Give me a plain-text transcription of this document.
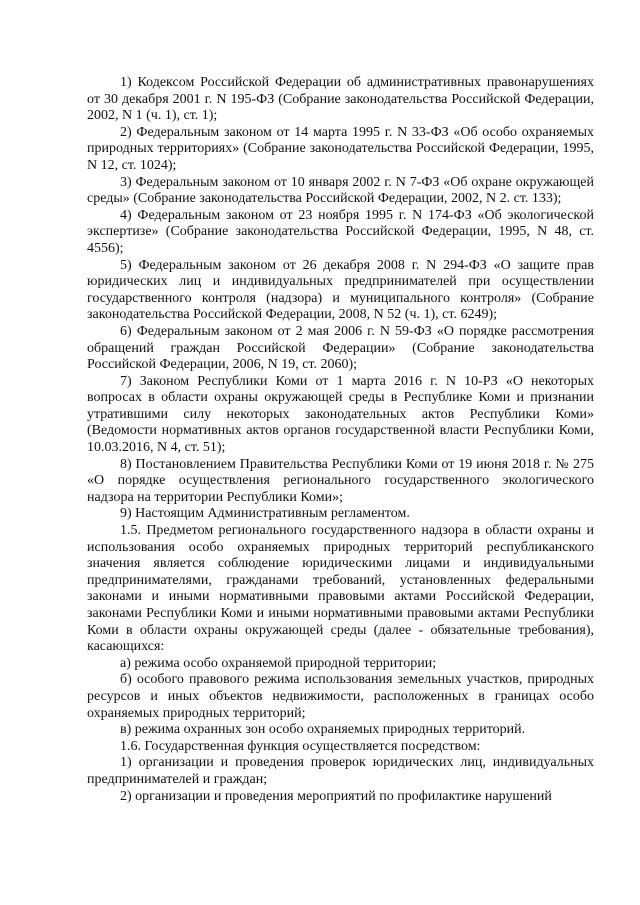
1) Кодексом Российской Федерации об административных правонарушениях от 30 декабря 2001 г. N 195-ФЗ (Собрание законодательства Российской Федерации, 2002, N 1 (ч. 1), ст. 1);

2) Федеральным законом от 14 марта 1995 г. N 33-ФЗ «Об особо охраняемых природных территориях» (Собрание законодательства Российской Федерации, 1995, N 12, ст. 1024);

3) Федеральным законом от 10 января 2002 г. N 7-ФЗ «Об охране окружающей среды» (Собрание законодательства Российской Федерации, 2002, N 2. ст. 133);

4) Федеральным законом от 23 ноября 1995 г. N 174-ФЗ «Об экологической экспертизе» (Собрание законодательства Российской Федерации, 1995, N 48, ст. 4556);

5) Федеральным законом от 26 декабря 2008 г. N 294-ФЗ «О защите прав юридических лиц и индивидуальных предпринимателей при осуществлении государственного контроля (надзора) и муниципального контроля» (Собрание законодательства Российской Федерации, 2008, N 52 (ч. 1), ст. 6249);

6) Федеральным законом от 2 мая 2006 г. N 59-ФЗ «О порядке рассмотрения обращений граждан Российской Федерации» (Собрание законодательства Российской Федерации, 2006, N 19, ст. 2060);

7) Законом Республики Коми от 1 марта 2016 г. N 10-РЗ «О некоторых вопросах в области охраны окружающей среды в Республике Коми и признании утратившими силу некоторых законодательных актов Республики Коми» (Ведомости нормативных актов органов государственной власти Республики Коми, 10.03.2016, N 4, ст. 51);

8) Постановлением Правительства Республики Коми от 19 июня 2018 г. № 275 «О порядке осуществления регионального государственного экологического надзора на территории Республики Коми»;

9) Настоящим Административным регламентом.

1.5. Предметом регионального государственного надзора в области охраны и использования особо охраняемых природных территорий республиканского значения является соблюдение юридическими лицами и индивидуальными предпринимателями, гражданами требований, установленных федеральными законами и иными нормативными правовыми актами Российской Федерации, законами Республики Коми и иными нормативными правовыми актами Республики Коми в области охраны окружающей среды (далее - обязательные требования), касающихся:

а) режима особо охраняемой природной территории;

б) особого правового режима использования земельных участков, природных ресурсов и иных объектов недвижимости, расположенных в границах особо охраняемых природных территорий;

в) режима охранных зон особо охраняемых природных территорий.

1.6. Государственная функция осуществляется посредством:

1) организации и проведения проверок юридических лиц, индивидуальных предпринимателей и граждан;

2) организации и проведения мероприятий по профилактике нарушений
